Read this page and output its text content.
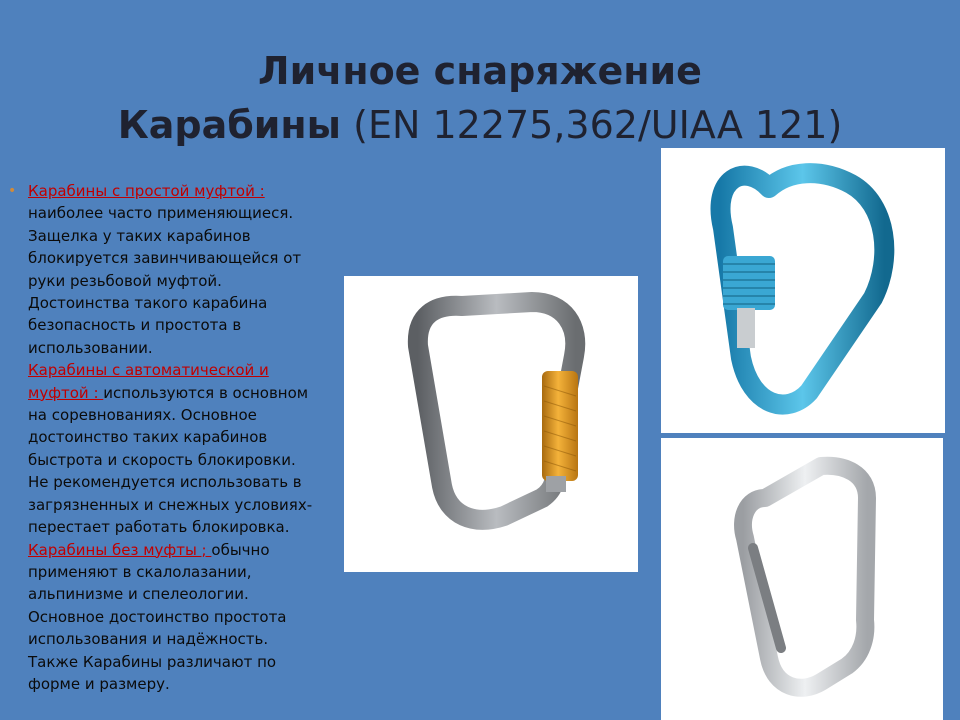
Личное снаряжение
Карабины (EN 12275,362/UIAA 121)
• Карабины с простой муфтой : наиболее часто применяющиеся. Защелка у таких карабинов блокируется завинчивающейся от руки резьбовой муфтой. Достоинства такого карабина безопасность и простота в использовании.
Карабины с автоматической и муфтой : используются в основном на соревнованиях. Основное достоинство таких карабинов быстрота и скорость блокировки. Не рекомендуется использовать в загрязненных и снежных условиях- перестает работать блокировка.
Карабины без муфты ; обычно применяют в скалолазании, альпинизме и спелеологии. Основное достоинство простота использования и надёжность. Также Карабины различают по форме и размеру.
